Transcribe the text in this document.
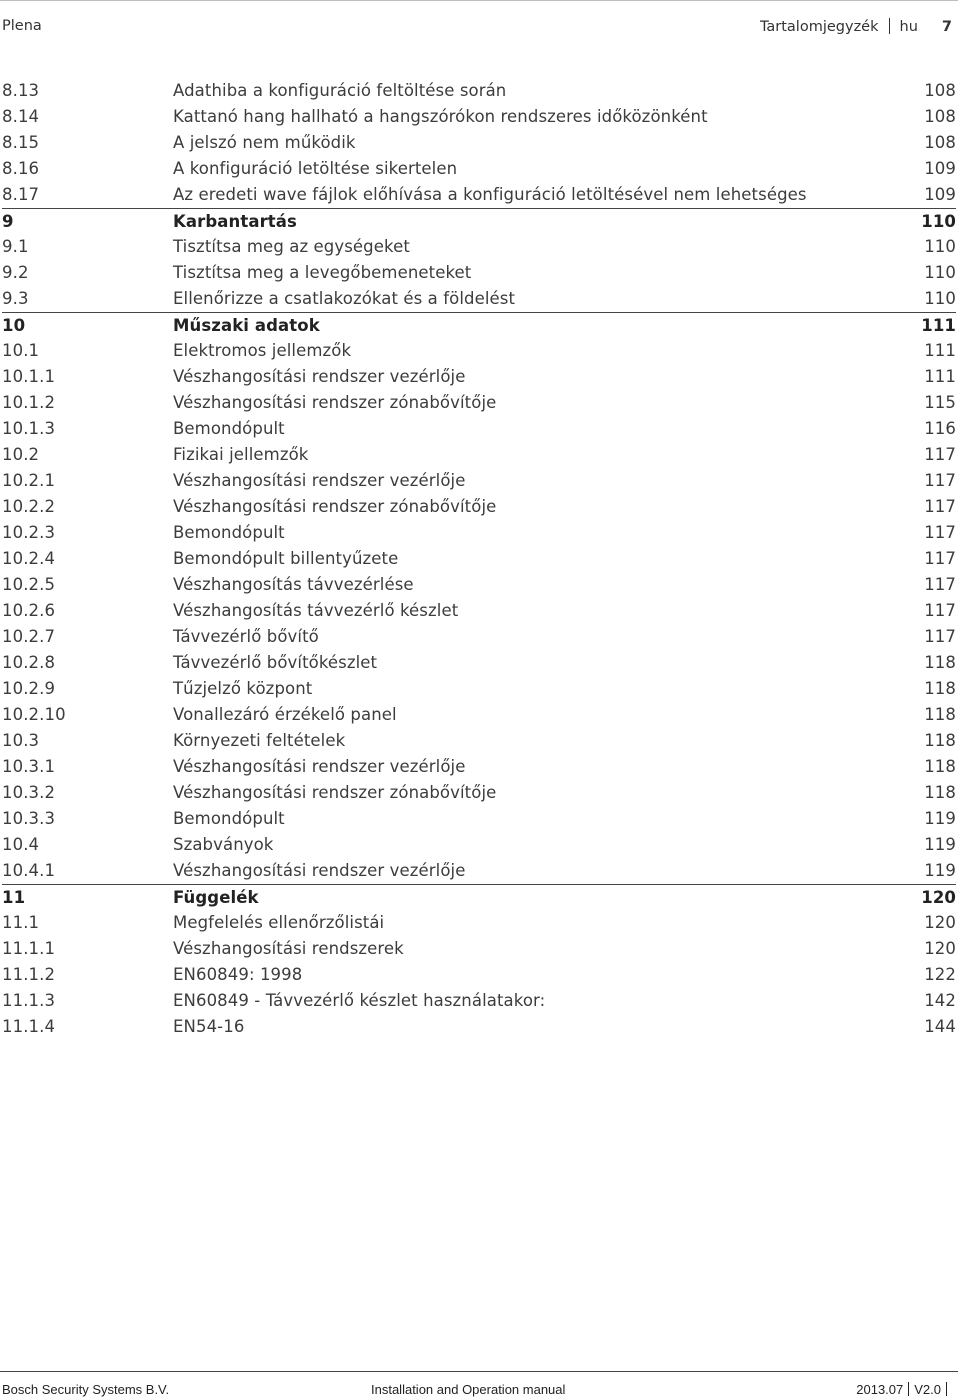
Plena	Tartalomjegyzék hu 7
8.13	Adathiba a konfiguráció feltöltése során	108
8.14	Kattanó hang hallható a hangszórókon rendszeres időközönként	108
8.15	A jelszó nem működik	108
8.16	A konfiguráció letöltése sikertelen	109
8.17	Az eredeti wave fájlok előhívása a konfiguráció letöltésével nem lehetséges	109
9	Karbantartás	110
9.1	Tisztítsa meg az egységeket	110
9.2	Tisztítsa meg a levegőbemeneteket	110
9.3	Ellenőrizze a csatlakozókat és a földelést	110
10	Műszaki adatok	111
10.1	Elektromos jellemzők	111
10.1.1	Vészhangosítási rendszer vezérlője	111
10.1.2	Vészhangosítási rendszer zónabővítője	115
10.1.3	Bemondópult	116
10.2	Fizikai jellemzők	117
10.2.1	Vészhangosítási rendszer vezérlője	117
10.2.2	Vészhangosítási rendszer zónabővítője	117
10.2.3	Bemondópult	117
10.2.4	Bemondópult billentyűzete	117
10.2.5	Vészhangosítás távvezérlése	117
10.2.6	Vészhangosítás távvezérlő készlet	117
10.2.7	Távvezérlő bővítő	117
10.2.8	Távvezérlő bővítőkészlet	118
10.2.9	Tűzjelző központ	118
10.2.10	Vonallezáró érzékelő panel	118
10.3	Környezeti feltételek	118
10.3.1	Vészhangosítási rendszer vezérlője	118
10.3.2	Vészhangosítási rendszer zónabővítője	118
10.3.3	Bemondópult	119
10.4	Szabványok	119
10.4.1	Vészhangosítási rendszer vezérlője	119
11	Függelék	120
11.1	Megfelelés ellenőrzőlistái	120
11.1.1	Vészhangosítási rendszerek	120
11.1.2	EN60849: 1998	122
11.1.3	EN60849 - Távvezérlő készlet használatakor:	142
11.1.4	EN54-16	144
Bosch Security Systems B.V.	Installation and Operation manual	2013.07 V2.0
